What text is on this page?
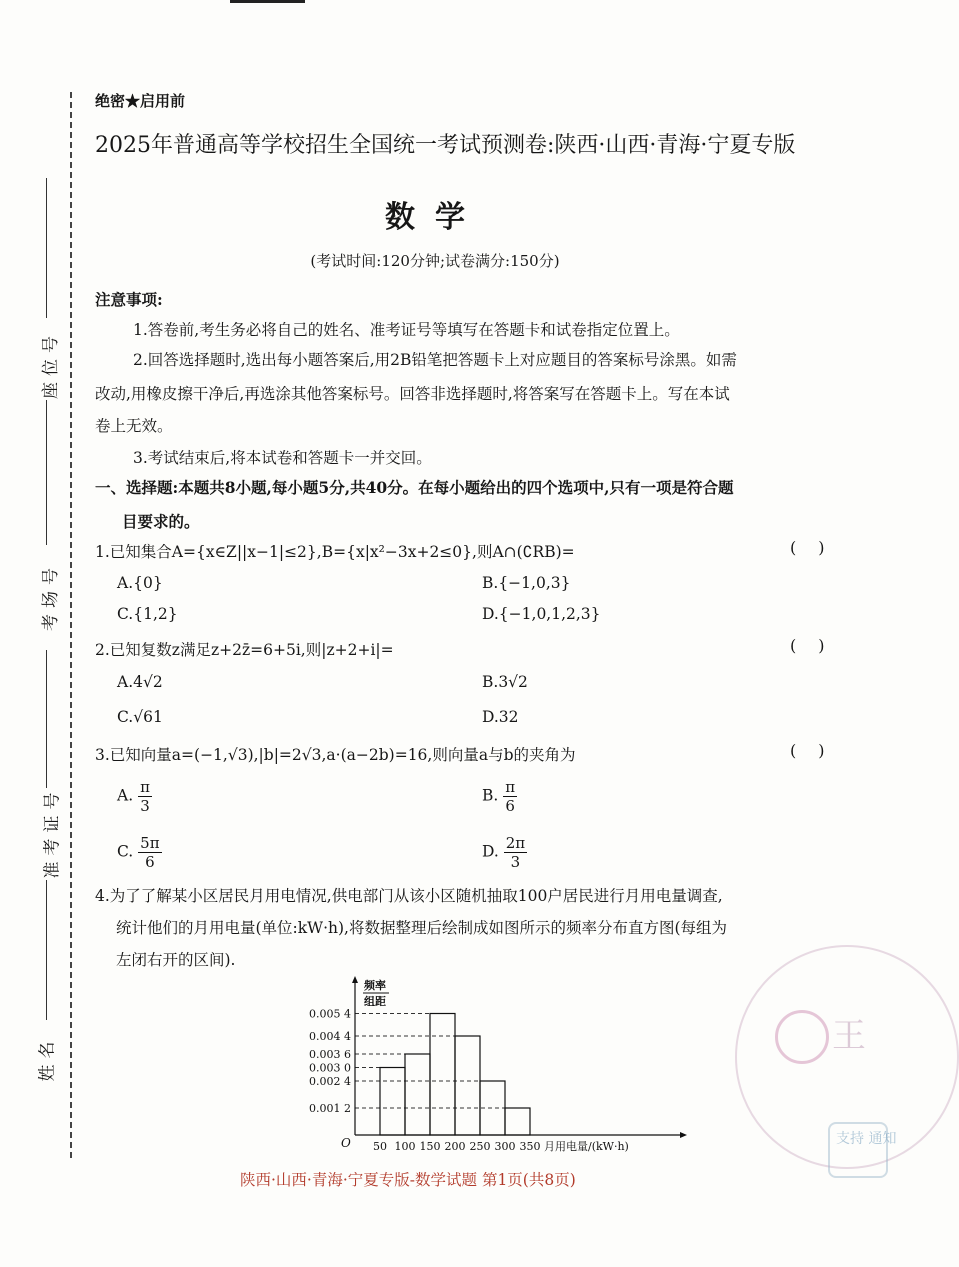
座位号
考场号
准考证号
姓名
绝密★启用前
2025年普通高等学校招生全国统一考试预测卷:陕西·山西·青海·宁夏专版
数学
(考试时间:120分钟;试卷满分:150分)
注意事项:
1.答卷前,考生务必将自己的姓名、准考证号等填写在答题卡和试卷指定位置上。
2.回答选择题时,选出每小题答案后,用2B铅笔把答题卡上对应题目的答案标号涂黑。如需
改动,用橡皮擦干净后,再选涂其他答案标号。回答非选择题时,将答案写在答题卡上。写在本试
卷上无效。
3.考试结束后,将本试卷和答题卡一并交回。
一、选择题:本题共8小题,每小题5分,共40分。在每小题给出的四个选项中,只有一项是符合题
目要求的。
1.已知集合A={x∈Z||x−1|≤2},B={x|x²−3x+2≤0},则A∩(∁RB)=	()
A.{0}	B.{−1,0,3}
C.{1,2}	D.{−1,0,1,2,3}
2.已知复数z满足z+2z̄=6+5i,则|z+2+i|=	()
A.4√2	B.3√2
C.√61	D.32
3.已知向量a=(−1,√3),|b|=2√3,a·(a−2b)=16,则向量a与b的夹角为	()
A. $\frac{\pi}{3}$	B. $\frac{\pi}{6}$
C. $\frac{5\pi}{6}$	D. $\frac{2\pi}{3}$
4.为了了解某小区居民月用电情况,供电部门从该小区随机抽取100户居民进行月用电量调查,
统计他们的月用电量(单位:kW·h),将数据整理后绘制成如图所示的频率分布直方图(每组为
左闭右开的区间).
0.005 4
0.004 4
0.003 6
0.003 0
0.002 4
0.001 2
50 100 150 200 250 300 350 月用电量/(kW·h)
O
频率
组距
陕西·山西·青海·宁夏专版-数学试题 第1页(共8页)
王
支持 通知
